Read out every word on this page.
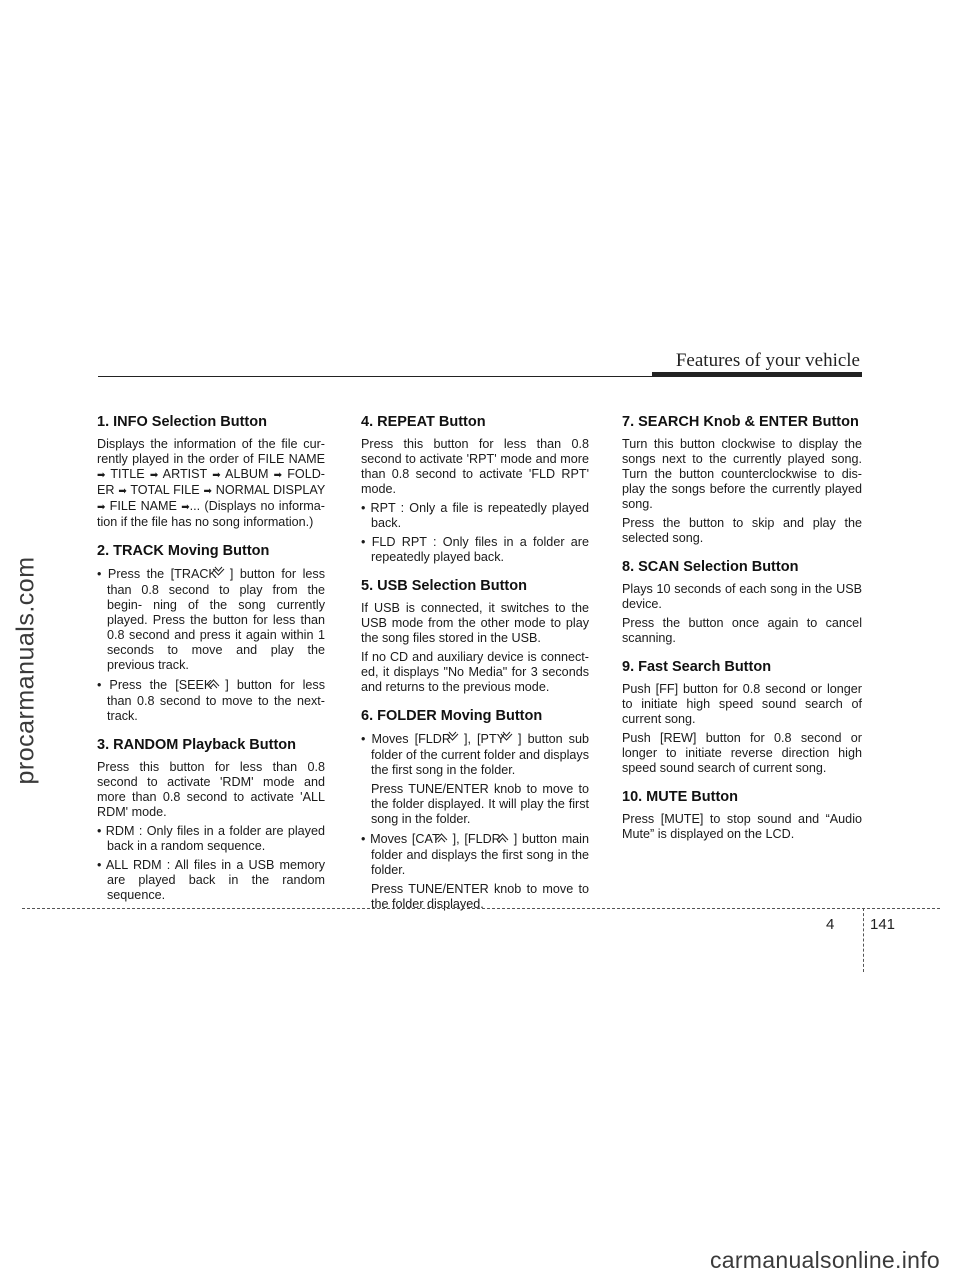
procarmanuals.com
Features of your vehicle
1. INFO Selection Button

Displays the information of the file cur- rently played in the order of FILE NAME ➡ TITLE ➡ ARTIST ➡ ALBUM ➡ FOLD- ER ➡ TOTAL FILE ➡ NORMAL DISPLAY ➡ FILE NAME ➡... (Displays no informa- tion if the file has no song information.)

2. TRACK Moving Button

• Press the [TRACK ] button for less than 0.8 second to play from the begin- ning of the song currently played. Press the button for less than 0.8 second and press it again within 1 seconds to move and play the previous track.

• Press the [SEEK ] button for less than 0.8 second to move to the next- track.

3. RANDOM Playback Button

Press this button for less than 0.8 second to activate 'RDM' mode and more than 0.8 second to activate 'ALL RDM' mode.

• RDM : Only files in a folder are played back in a random sequence.

• ALL RDM : All files in a USB memory are played back in the random sequence.

4. REPEAT Button

Press this button for less than 0.8 second to activate 'RPT' mode and more than 0.8 second to activate 'FLD RPT' mode.

• RPT : Only a file is repeatedly played back.

• FLD RPT : Only files in a folder are repeatedly played back.

5. USB Selection Button

If USB is connected, it switches to the USB mode from the other mode to play the song files stored in the USB.

If no CD and auxiliary device is connect- ed, it displays "No Media" for 3 seconds and returns to the previous mode.

6. FOLDER Moving Button

• Moves [FLDR ], [PTY ] button sub folder of the current folder and displays the first song in the folder.

Press TUNE/ENTER knob to move to the folder displayed. It will play the first song in the folder.

• Moves [CAT ], [FLDR ] button main folder and displays the first song in the folder.

Press TUNE/ENTER knob to move to the folder displayed.

7. SEARCH Knob & ENTER Button

Turn this button clockwise to display the songs next to the currently played song. Turn the button counterclockwise to dis- play the songs before the currently played song.

Press the button to skip and play the selected song.

8. SCAN Selection Button

Plays 10 seconds of each song in the USB device.

Press the button once again to cancel scanning.

9. Fast Search Button

Push [FF] button for 0.8 second or longer to initiate high speed sound search of current song.

Push [REW] button for 0.8 second or longer to initiate reverse direction high speed sound search of current song.

10. MUTE Button

Press [MUTE] to stop sound and “Audio Mute” is displayed on the LCD.

4 141
carmanualsonline.info
